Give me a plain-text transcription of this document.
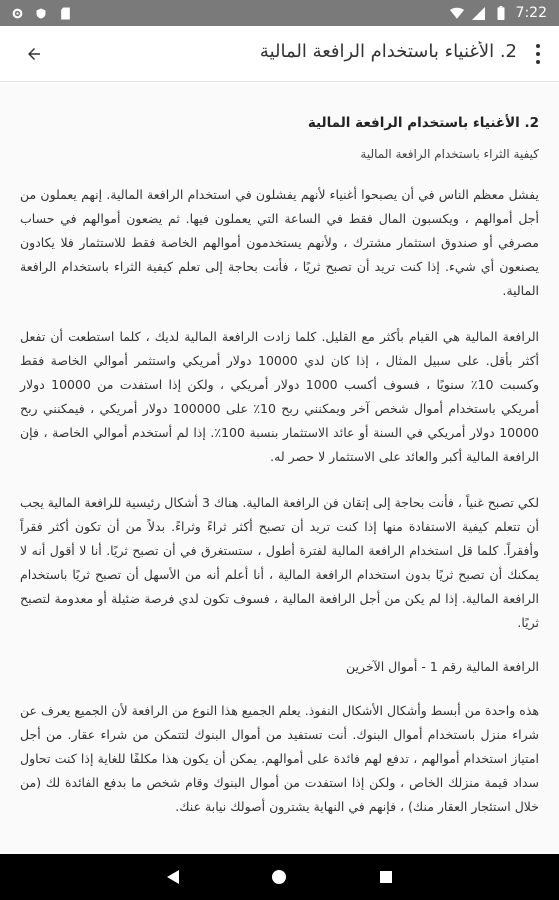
7:22
2. الأغنياء باستخدام الرافعة المالية
2. الأغنياء باستخدام الرافعة المالية
كيفية الثراء باستخدام الرافعة المالية

يفشل معظم الناس في أن يصبحوا أغنياء لأنهم يفشلون في استخدام الرافعة المالية. إنهم يعملون من أجل أموالهم ، ويكسبون المال فقط في الساعة التي يعملون فيها. ثم يضعون أموالهم في حساب مصرفي أو صندوق استثمار مشترك ، ولأنهم يستخدمون أموالهم الخاصة فقط للاستثمار فلا يكادون يصنعون أي شيء. إذا كنت تريد أن تصبح ثريًا ، فأنت بحاجة إلى تعلم كيفية الثراء باستخدام الرافعة المالية.

الرافعة المالية هي القيام بأكثر مع القليل. كلما زادت الرافعة المالية لديك ، كلما استطعت أن تفعل أكثر بأقل. على سبيل المثال ، إذا كان لدي 10000 دولار أمريكي واستثمر أموالي الخاصة فقط وكسبت 10٪ سنويًا ، فسوف أكسب 1000 دولار أمريكي ، ولكن إذا استفدت من 10000 دولار أمريكي باستخدام أموال شخص آخر ويمكنني ربح 10٪ على 100000 دولار أمريكي ، فيمكنني ربح 10000 دولار أمريكي في السنة أو عائد الاستثمار بنسبة 100٪. إذا لم أستخدم أموالي الخاصة ، فإن الرافعة المالية أكبر والعائد على الاستثمار لا حصر له.

لكي تصبح غنياً ، فأنت بحاجة إلى إتقان فن الرافعة المالية. هناك 3 أشكال رئيسية للرافعة المالية يجب أن تتعلم كيفية الاستفادة منها إذا كنت تريد أن تصبح أكثر ثراءً وثراءً. بدلاً من أن تكون أكثر فقراً وأفقراً. كلما قل استخدام الرافعة المالية لفترة أطول ، ستستغرق في أن تصبح ثريًا. أنا لا أقول أنه لا يمكنك أن تصبح ثريًا بدون استخدام الرافعة المالية ، أنا أعلم أنه من الأسهل أن تصبح ثريًا باستخدام الرافعة المالية. إذا لم يكن من أجل الرافعة المالية ، فسوف تكون لدي فرصة ضئيلة أو معدومة لتصبح ثريًا.

الرافعة المالية رقم 1 - أموال الآخرين

هذه واحدة من أبسط وأشكال الأشكال النفوذ. يعلم الجميع هذا النوع من الرافعة لأن الجميع يعرف عن شراء منزل باستخدام أموال البنوك. أنت تستفيد من أموال البنوك لتتمكن من شراء عقار. من أجل امتياز استخدام أموالهم ، تدفع لهم فائدة على أموالهم. يمكن أن يكون هذا مكلفًا للغاية إذا كنت تحاول سداد قيمة منزلك الخاص ، ولكن إذا استفدت من أموال البنوك وقام شخص ما بدفع الفائدة لك (من خلال استئجار العقار منك) ، فإنهم في النهاية يشترون أصولك نيابة عنك.
